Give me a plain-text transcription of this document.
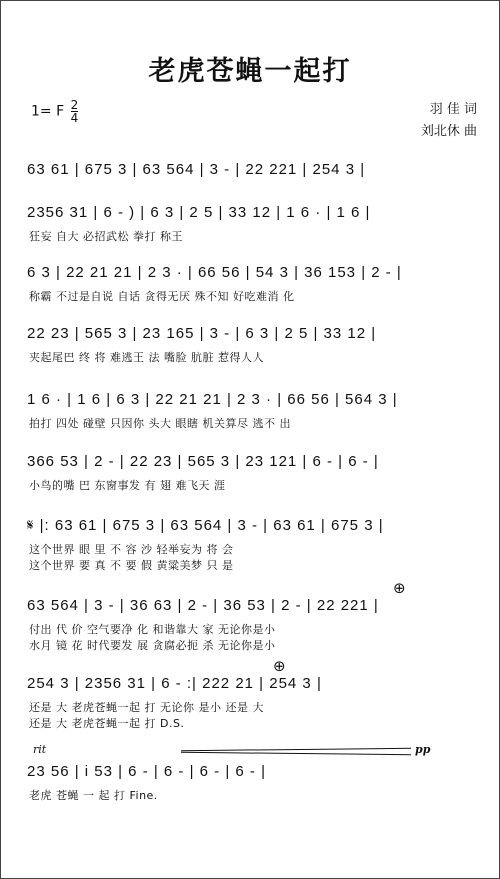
老虎苍蝇一起打
1= F $\frac{2}{4}$	羽 佳 词
刘北休 曲
63 61 | 675 3 | 63 564 | 3 - | 22 221 | 254 3 |
2356 31 | 6 - ) | 6 3 | 2 5 | 33 12 | 1 6 · | 1 6 |
狂妄 自大 必招武松 拳打 称王
6 3 | 22 21 21 | 2 3 · | 66 56 | 54 3 | 36 153 | 2 - |
称霸 不过是自说 自话 贪得无厌 殊不知 好吃难消 化
22 23 | 565 3 | 23 165 | 3 - | 6 3 | 2 5 | 33 12 |
夹起尾巴 终 将 难逃王 法 嘴脸 肮脏 惹得人人
1 6 · | 1 6 | 6 3 | 22 21 21 | 2 3 · | 66 56 | 564 3 |
拍打 四处 碰壁 只因你 头大 眼瞎 机关算尽 逃不 出
366 53 | 2 - | 22 23 | 565 3 | 23 121 | 6 - | 6 - |
小鸟的嘴 巴 东窗事发 有 翅 难飞天 涯
𝄋 |: 63 61 | 675 3 | 63 564 | 3 - | 63 61 | 675 3 |
这个世界 眼 里 不 容 沙 轻举妄为 将 会
这个世界 要 真 不 要 假 黄粱美梦 只 是
63 564 | 3 - | 36 63 | 2 - | 36 53 | 2 - | 22 221 |
付出 代 价 空气要净 化 和谐靠大 家 无论你是小
水月 镜 花 时代要发 展 贪腐必扼 杀 无论你是小
⊕
254 3 | 2356 31 | 6 - :| 222 21 | 254 3 |
还是 大 老虎苍蝇一起 打 无论你 是小 还是 大
还是 大 老虎苍蝇一起 打 D.S.
⊕
rit	pp
23 56 | i 53 | 6 - | 6 - | 6 - | 6 - |
老虎 苍蝇 一 起 打 Fine.
